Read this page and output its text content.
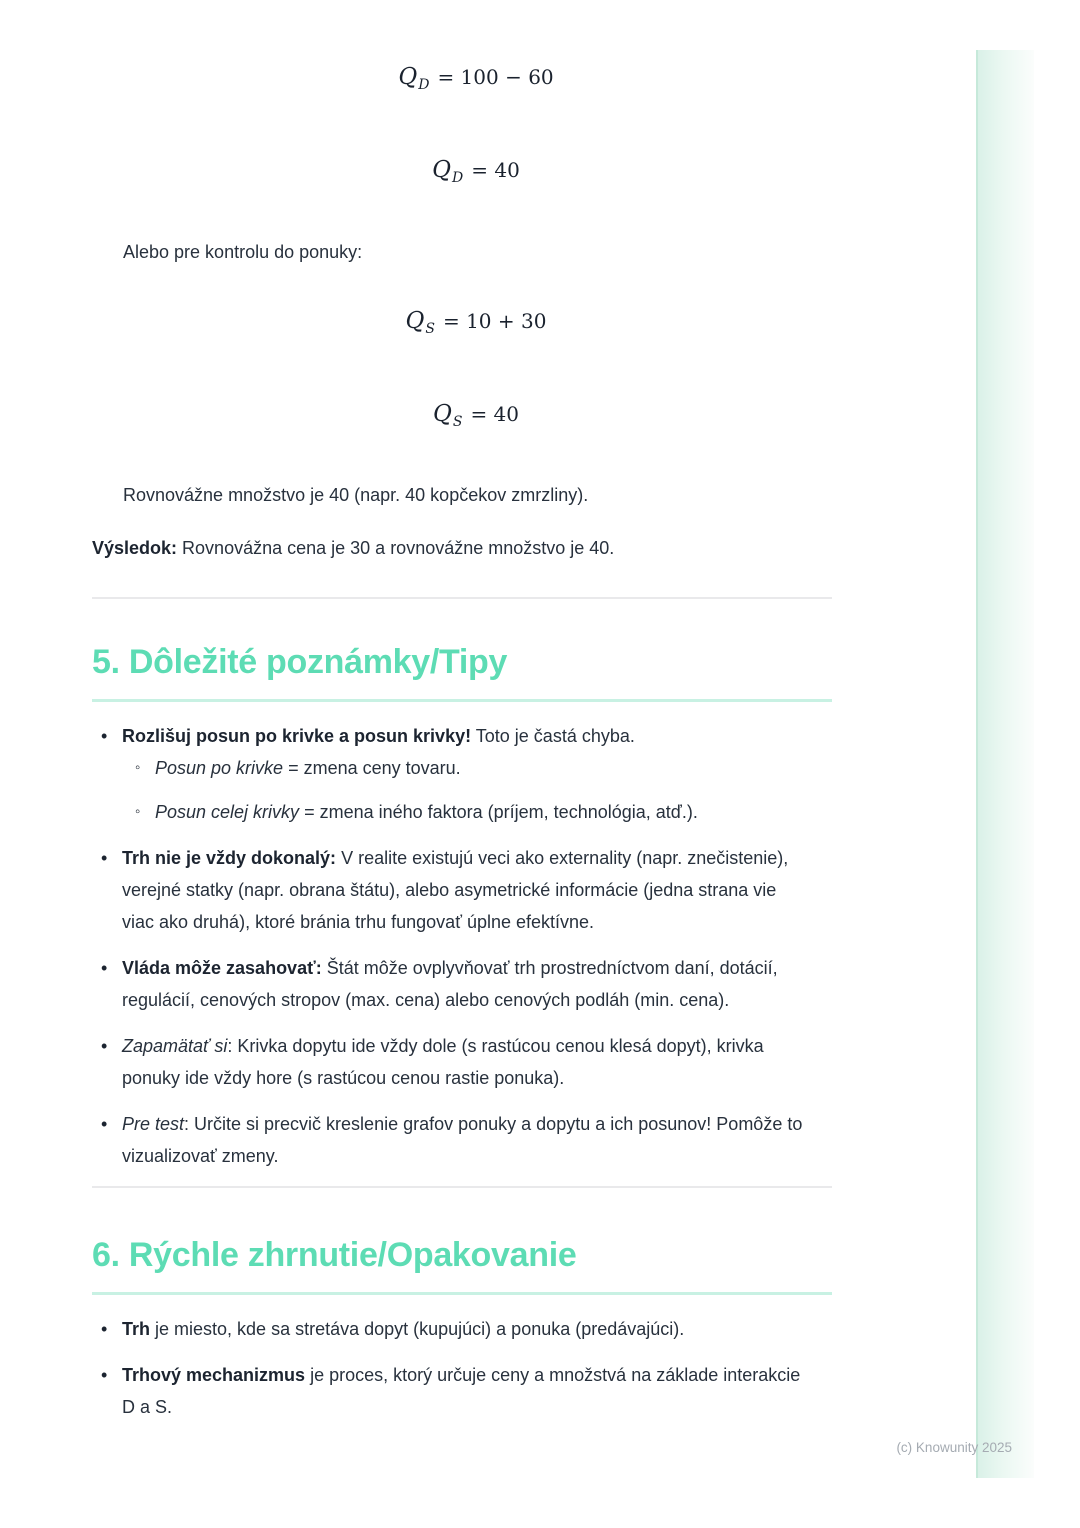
$Q_D = 100 - 60$

$Q_D = 40$

Alebo pre kontrolu do ponuky:

$Q_S = 10 + 30$

$Q_S = 40$

Rovnovážne množstvo je 40 (napr. 40 kopčekov zmrzliny).

Výsledok: Rovnovážna cena je 30 a rovnovážne množstvo je 40.

5. Dôležité poznámky/Tipy
• Rozlišuj posun po krivke a posun krivky! Toto je častá chyba.
◦ Posun po krivke = zmena ceny tovaru.
◦ Posun celej krivky = zmena iného faktora (príjem, technológia, atď.).
• Trh nie je vždy dokonalý: V realite existujú veci ako externality (napr. znečistenie), verejné statky (napr. obrana štátu), alebo asymetrické informácie (jedna strana vie viac ako druhá), ktoré bránia trhu fungovať úplne efektívne.
• Vláda môže zasahovať: Štát môže ovplyvňovať trh prostredníctvom daní, dotácií, regulácií, cenových stropov (max. cena) alebo cenových podláh (min. cena).
• Zapamätať si: Krivka dopytu ide vždy dole (s rastúcou cenou klesá dopyt), krivka ponuky ide vždy hore (s rastúcou cenou rastie ponuka).
• Pre test: Určite si precvič kreslenie grafov ponuky a dopytu a ich posunov! Pomôže to vizualizovať zmeny.
6. Rýchle zhrnutie/Opakovanie
• Trh je miesto, kde sa stretáva dopyt (kupujúci) a ponuka (predávajúci).
• Trhový mechanizmus je proces, ktorý určuje ceny a množstvá na základe interakcie D a S.
(c) Knowunity 2025
